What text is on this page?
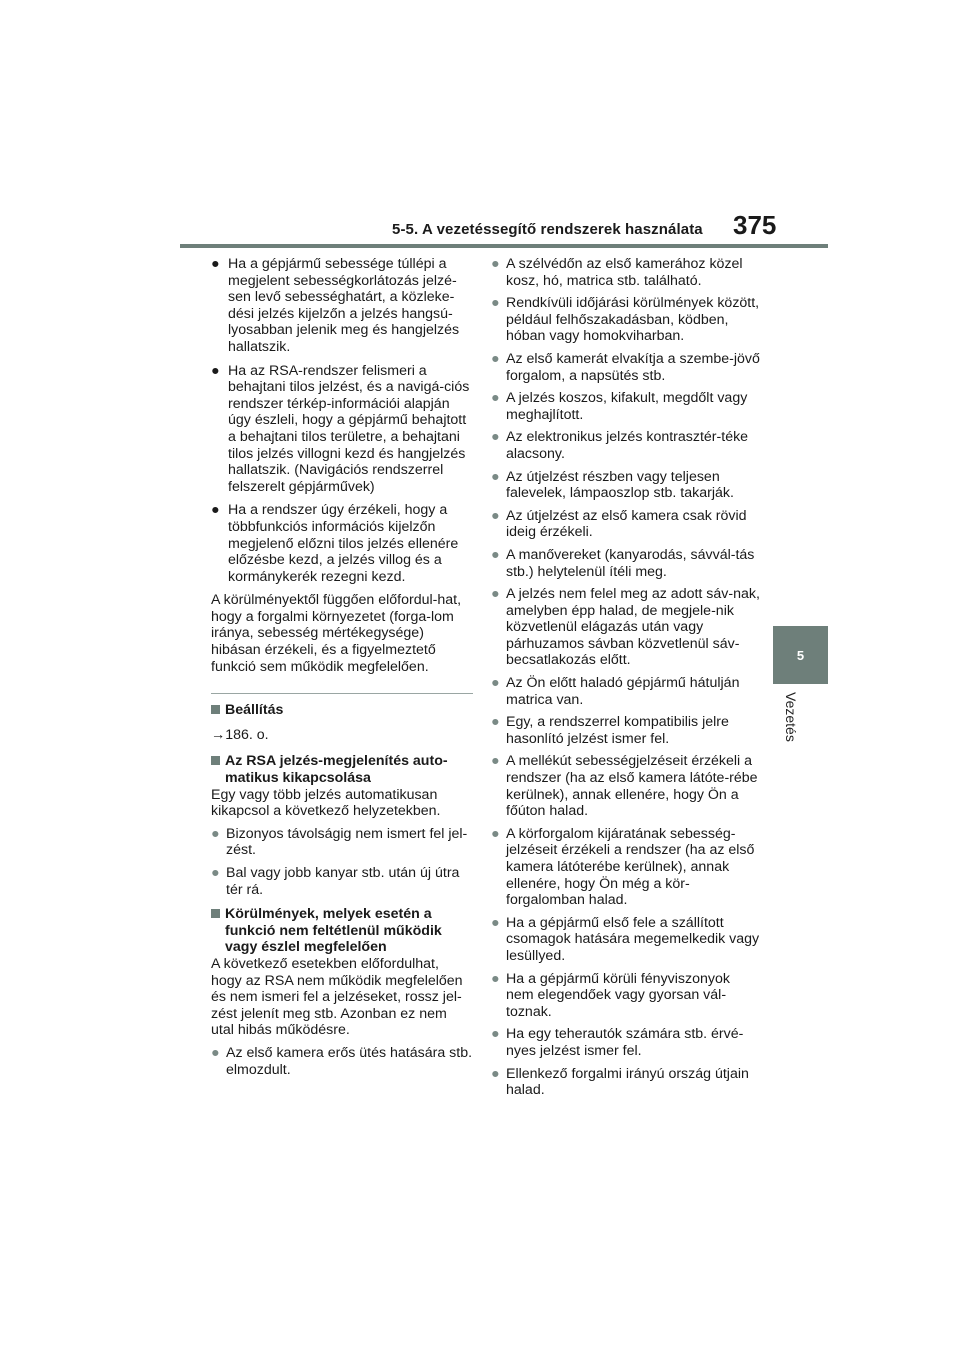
5-5. A vezetéssegítő rendszerek használata 375
5
Vezetés
● Ha a gépjármű sebessége túllépi a megjelent sebességkorlátozás jelzé-sen levő sebességhatárt, a közleke-dési jelzés kijelzőn a jelzés hangsú-lyosabban jelenik meg és hangjelzés hallatszik.
● Ha az RSA-rendszer felismeri a behajtani tilos jelzést, és a navigá-ciós rendszer térkép-információi alapján úgy észleli, hogy a gépjármű behajtott a behajtani tilos területre, a behajtani tilos jelzés villogni kezd és hangjelzés hallatszik. (Navigációs rendszerrel felszerelt gépjárművek)
● Ha a rendszer úgy érzékeli, hogy a többfunkciós információs kijelzőn megjelenő előzni tilos jelzés ellenére előzésbe kezd, a jelzés villog és a kormánykerék rezegni kezd.
A körülményektől függően előfordul-hat, hogy a forgalmi környezetet (forga-lom iránya, sebesség mértékegysége) hibásan érzékeli, és a figyelmeztető funkció sem működik megfelelően.
Beállítás
→186. o.
Az RSA jelzés-megjelenítés auto-matikus kikapcsolása
Egy vagy több jelzés automatikusan kikapcsol a következő helyzetekben.
● Bizonyos távolságig nem ismert fel jel-zést.
● Bal vagy jobb kanyar stb. után új útra tér rá.
Körülmények, melyek esetén a funkció nem feltétlenül működik vagy észlel megfelelően
A következő esetekben előfordulhat, hogy az RSA nem működik megfelelően és nem ismeri fel a jelzéseket, rossz jel-zést jelenít meg stb. Azonban ez nem utal hibás működésre.
● Az első kamera erős ütés hatására stb. elmozdult.
● A szélvédőn az első kamerához közel kosz, hó, matrica stb. található.
● Rendkívüli időjárási körülmények között, például felhőszakadásban, ködben, hóban vagy homokviharban.
● Az első kamerát elvakítja a szembe-jövő forgalom, a napsütés stb.
● A jelzés koszos, kifakult, megdőlt vagy meghajlított.
● Az elektronikus jelzés kontrasztér-téke alacsony.
● Az útjelzést részben vagy teljesen falevelek, lámpaoszlop stb. takarják.
● Az útjelzést az első kamera csak rövid ideig érzékeli.
● A manővereket (kanyarodás, sávvál-tás stb.) helytelenül ítéli meg.
● A jelzés nem felel meg az adott sáv-nak, amelyben épp halad, de megjele-nik közvetlenül elágazás után vagy párhuzamos sávban közvetlenül sáv-becsatlakozás előtt.
● Az Ön előtt haladó gépjármű hátulján matrica van.
● Egy, a rendszerrel kompatibilis jelre hasonlító jelzést ismer fel.
● A mellékút sebességjelzéseit érzékeli a rendszer (ha az első kamera látóte-rébe kerülnek), annak ellenére, hogy Ön a főúton halad.
● A körforgalom kijáratának sebesség-jelzéseit érzékeli a rendszer (ha az első kamera látóterébe kerülnek), annak ellenére, hogy Ön még a kör-forgalomban halad.
● Ha a gépjármű első fele a szállított csomagok hatására megemelkedik vagy lesüllyed.
● Ha a gépjármű körüli fényviszonyok nem elegendőek vagy gyorsan vál-toznak.
● Ha egy teherautók számára stb. érvé-nyes jelzést ismer fel.
● Ellenkező forgalmi irányú ország útjain halad.
